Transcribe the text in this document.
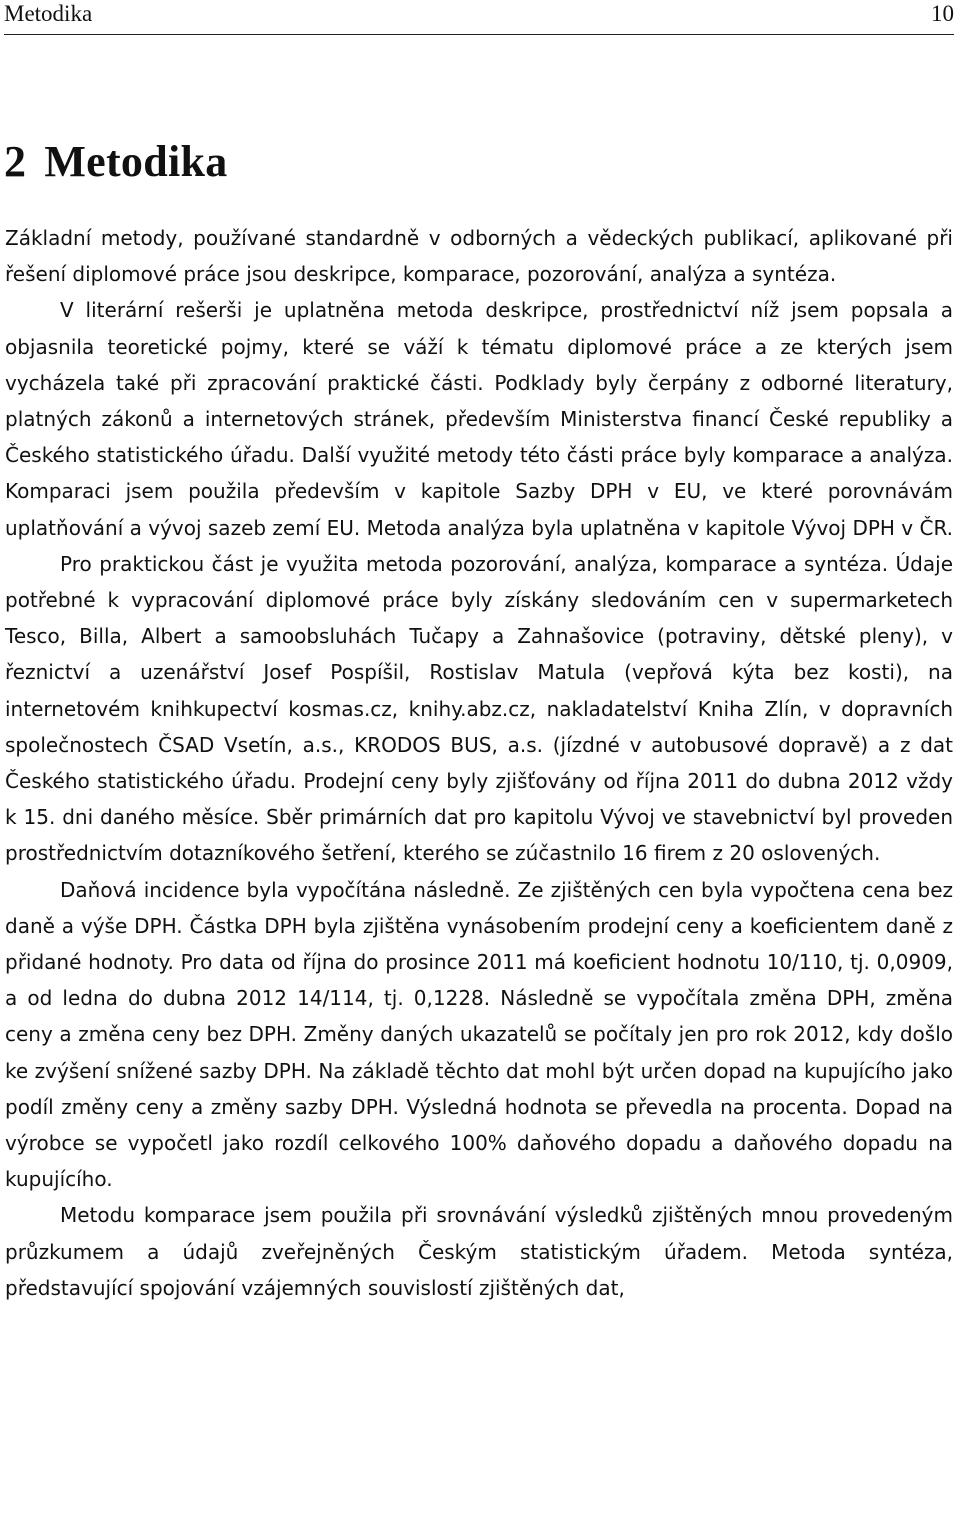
Metodika	10
2 Metodika

Základní metody, používané standardně v odborných a vědeckých publikací, aplikované při řešení diplomové práce jsou deskripce, komparace, pozorování, analýza a syntéza.

V literární rešerši je uplatněna metoda deskripce, prostřednictví níž jsem popsala a objasnila teoretické pojmy, které se váží k tématu diplomové práce a ze kterých jsem vycházela také při zpracování praktické části. Podklady byly čerpány z odborné literatury, platných zákonů a internetových stránek, především Ministerstva financí České republiky a Českého statistického úřadu. Další využité metody této části práce byly komparace a analýza. Komparaci jsem použila především v kapitole Sazby DPH v EU, ve které porovnávám uplatňování a vývoj sazeb zemí EU. Metoda analýza byla uplatněna v kapitole Vývoj DPH v ČR.

Pro praktickou část je využita metoda pozorování, analýza, komparace a syntéza. Údaje potřebné k vypracování diplomové práce byly získány sledováním cen v supermarketech Tesco, Billa, Albert a samoobsluhách Tučapy a Zahnašovice (potraviny, dětské pleny), v řeznictví a uzenářství Josef Pospíšil, Rostislav Matula (vepřová kýta bez kosti), na internetovém knihkupectví kosmas.cz, knihy.abz.cz, nakladatelství Kniha Zlín, v dopravních společnostech ČSAD Vsetín, a.s., KRODOS BUS, a.s. (jízdné v autobusové dopravě) a z dat Českého statistického úřadu. Prodejní ceny byly zjišťovány od října 2011 do dubna 2012 vždy k 15. dni daného měsíce. Sběr primárních dat pro kapitolu Vývoj ve stavebnictví byl proveden prostřednictvím dotazníkového šetření, kterého se zúčastnilo 16 firem z 20 oslovených.

Daňová incidence byla vypočítána následně. Ze zjištěných cen byla vypočtena cena bez daně a výše DPH. Částka DPH byla zjištěna vynásobením prodejní ceny a koeficientem daně z přidané hodnoty. Pro data od října do prosince 2011 má koeficient hodnotu 10/110, tj. 0,0909, a od ledna do dubna 2012 14/114, tj. 0,1228. Následně se vypočítala změna DPH, změna ceny a změna ceny bez DPH. Změny daných ukazatelů se počítaly jen pro rok 2012, kdy došlo ke zvýšení snížené sazby DPH. Na základě těchto dat mohl být určen dopad na kupujícího jako podíl změny ceny a změny sazby DPH. Výsledná hodnota se převedla na procenta. Dopad na výrobce se vypočetl jako rozdíl celkového 100% daňového dopadu a daňového dopadu na kupujícího.

Metodu komparace jsem použila při srovnávání výsledků zjištěných mnou provedeným průzkumem a údajů zveřejněných Českým statistickým úřadem. Metoda syntéza, představující spojování vzájemných souvislostí zjištěných dat,
